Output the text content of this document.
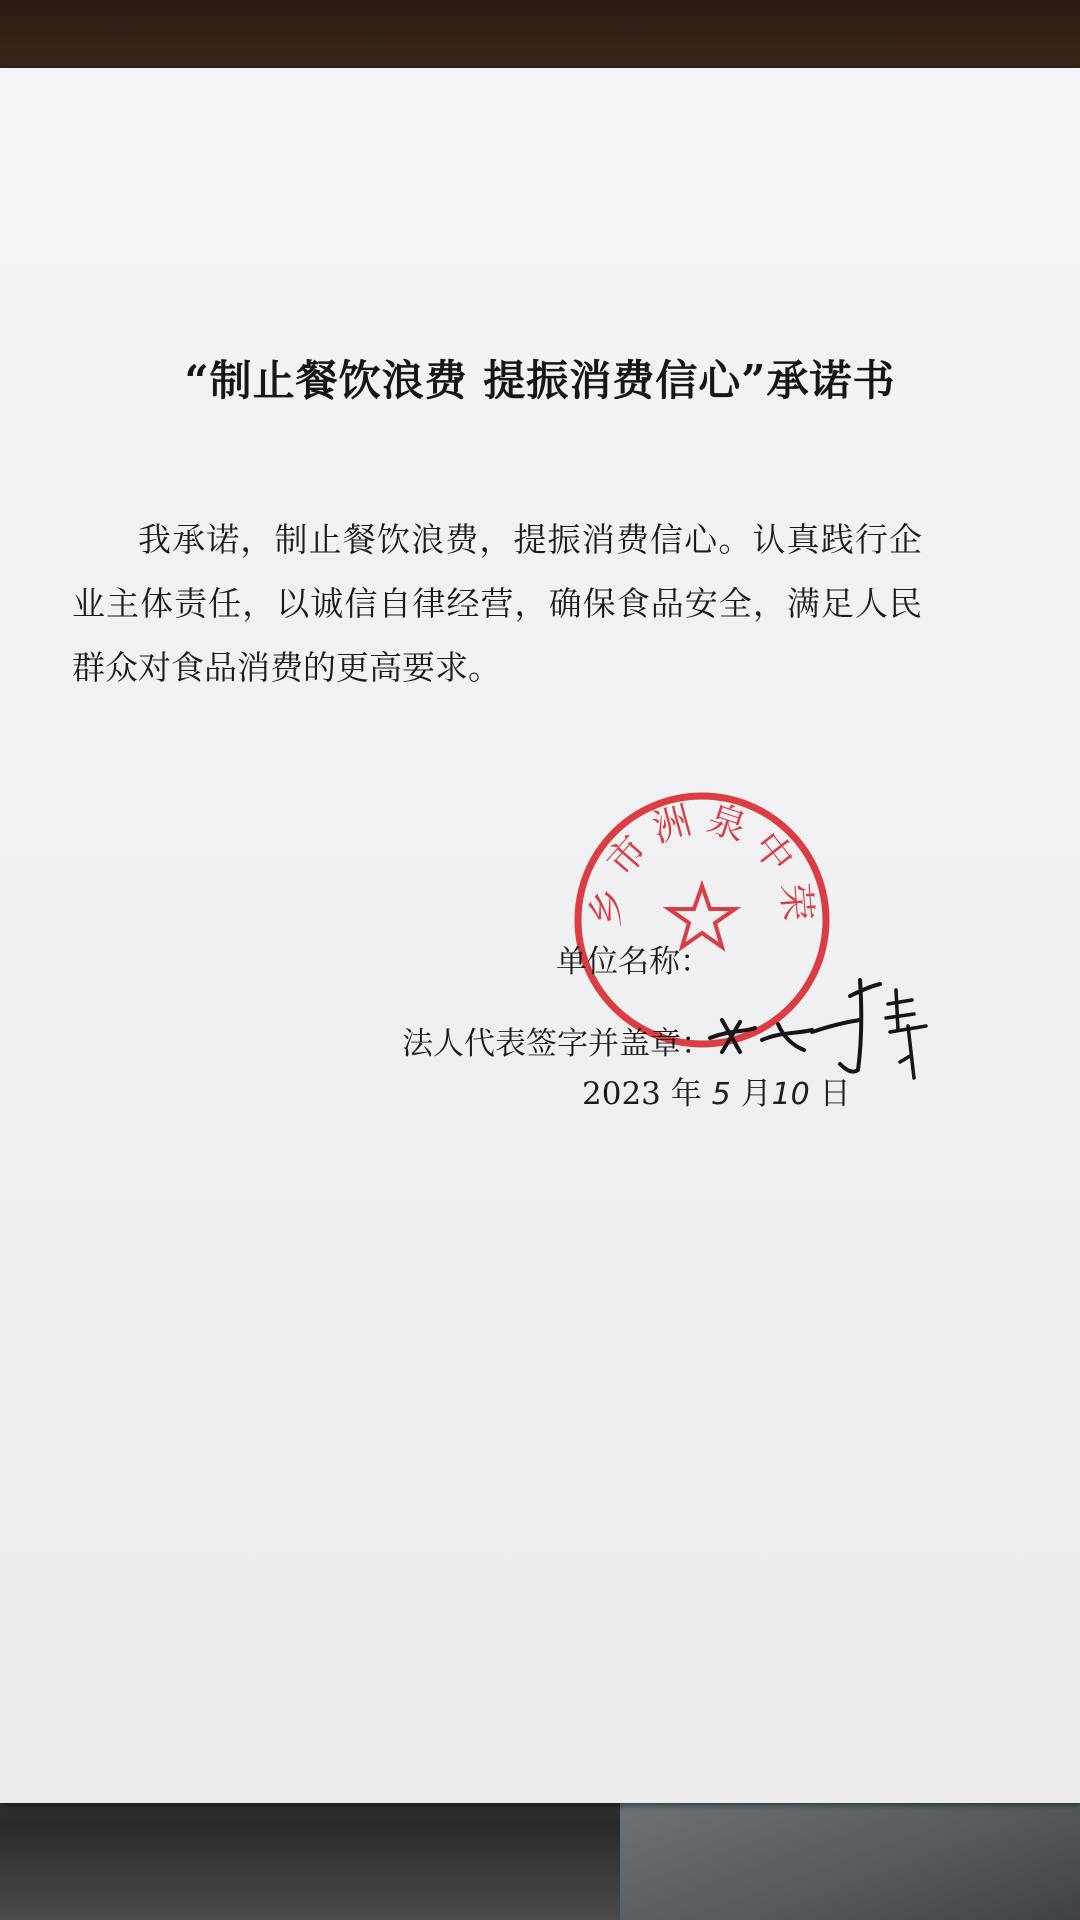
“制止餐饮浪费 提振消费信心”承诺书
我承诺，制止餐饮浪费，提振消费信心。认真践行企业主体责任，以诚信自律经营，确保食品安全，满足人民群众对食品消费的更高要求。
乡市洲泉中荣
单位名称：
法人代表签字并盖章：
2023 年 5 月10 日
